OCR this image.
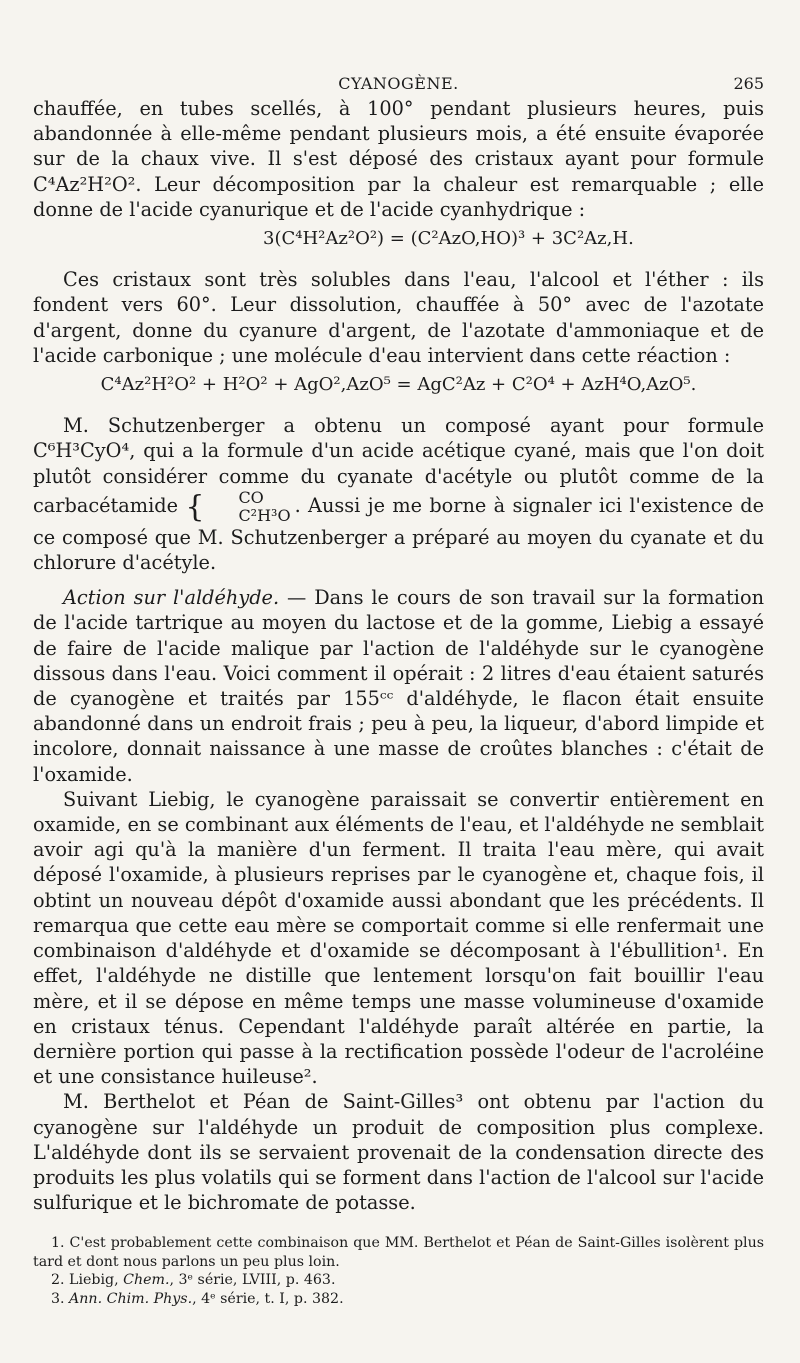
CYANOGÈNE.	265

chauffée, en tubes scellés, à 100° pendant plusieurs heures, puis abandonnée à elle-même pendant plusieurs mois, a été ensuite évaporée sur de la chaux vive. Il s'est déposé des cristaux ayant pour formule C⁴Az²H²O². Leur décomposition par la chaleur est remarquable ; elle donne de l'acide cyanurique et de l'acide cyanhydrique :

3(C⁴H²Az²O²) = (C²AzO,HO)³ + 3C²Az,H.

Ces cristaux sont très solubles dans l'eau, l'alcool et l'éther : ils fondent vers 60°. Leur dissolution, chauffée à 50° avec de l'azotate d'argent, donne du cyanure d'argent, de l'azotate d'ammoniaque et de l'acide carbonique ; une molécule d'eau intervient dans cette réaction :

C⁴Az²H²O² + H²O² + AgO²,AzO⁵ = AgC²Az + C²O⁴ + AzH⁴O,AzO⁵.

M. Schutzenberger a obtenu un composé ayant pour formule C⁶H³CyO⁴, qui a la formule d'un acide acétique cyané, mais que l'on doit plutôt considérer comme du cyanate d'acétyle ou plutôt comme de la carbacétamide {	CO
C²H³O . Aussi je me borne à signaler ici l'existence de ce composé que M. Schutzenberger a préparé au moyen du cyanate et du chlorure d'acétyle.

Action sur l'aldéhyde. — Dans le cours de son travail sur la formation de l'acide tartrique au moyen du lactose et de la gomme, Liebig a essayé de faire de l'acide malique par l'action de l'aldéhyde sur le cyanogène dissous dans l'eau. Voici comment il opérait : 2 litres d'eau étaient saturés de cyanogène et traités par 155ᶜᶜ d'aldéhyde, le flacon était ensuite abandonné dans un endroit frais ; peu à peu, la liqueur, d'abord limpide et incolore, donnait naissance à une masse de croûtes blanches : c'était de l'oxamide.

Suivant Liebig, le cyanogène paraissait se convertir entièrement en oxamide, en se combinant aux éléments de l'eau, et l'aldéhyde ne semblait avoir agi qu'à la manière d'un ferment. Il traita l'eau mère, qui avait déposé l'oxamide, à plusieurs reprises par le cyanogène et, chaque fois, il obtint un nouveau dépôt d'oxamide aussi abondant que les précédents. Il remarqua que cette eau mère se comportait comme si elle renfermait une combinaison d'aldéhyde et d'oxamide se décomposant à l'ébullition¹. En effet, l'aldéhyde ne distille que lentement lorsqu'on fait bouillir l'eau mère, et il se dépose en même temps une masse volumineuse d'oxamide en cristaux ténus. Cependant l'aldéhyde paraît altérée en partie, la dernière portion qui passe à la rectification possède l'odeur de l'acroléine et une consistance huileuse².

M. Berthelot et Péan de Saint-Gilles³ ont obtenu par l'action du cyanogène sur l'aldéhyde un produit de composition plus complexe. L'aldéhyde dont ils se servaient provenait de la condensation directe des produits les plus volatils qui se forment dans l'action de l'alcool sur l'acide sulfurique et le bichromate de potasse.

1. C'est probablement cette combinaison que MM. Berthelot et Péan de Saint-Gilles isolèrent plus tard et dont nous parlons un peu plus loin.

2. Liebig, Chem., 3ᵉ série, LVIII, p. 463.

3. Ann. Chim. Phys., 4ᵉ série, t. I, p. 382.
